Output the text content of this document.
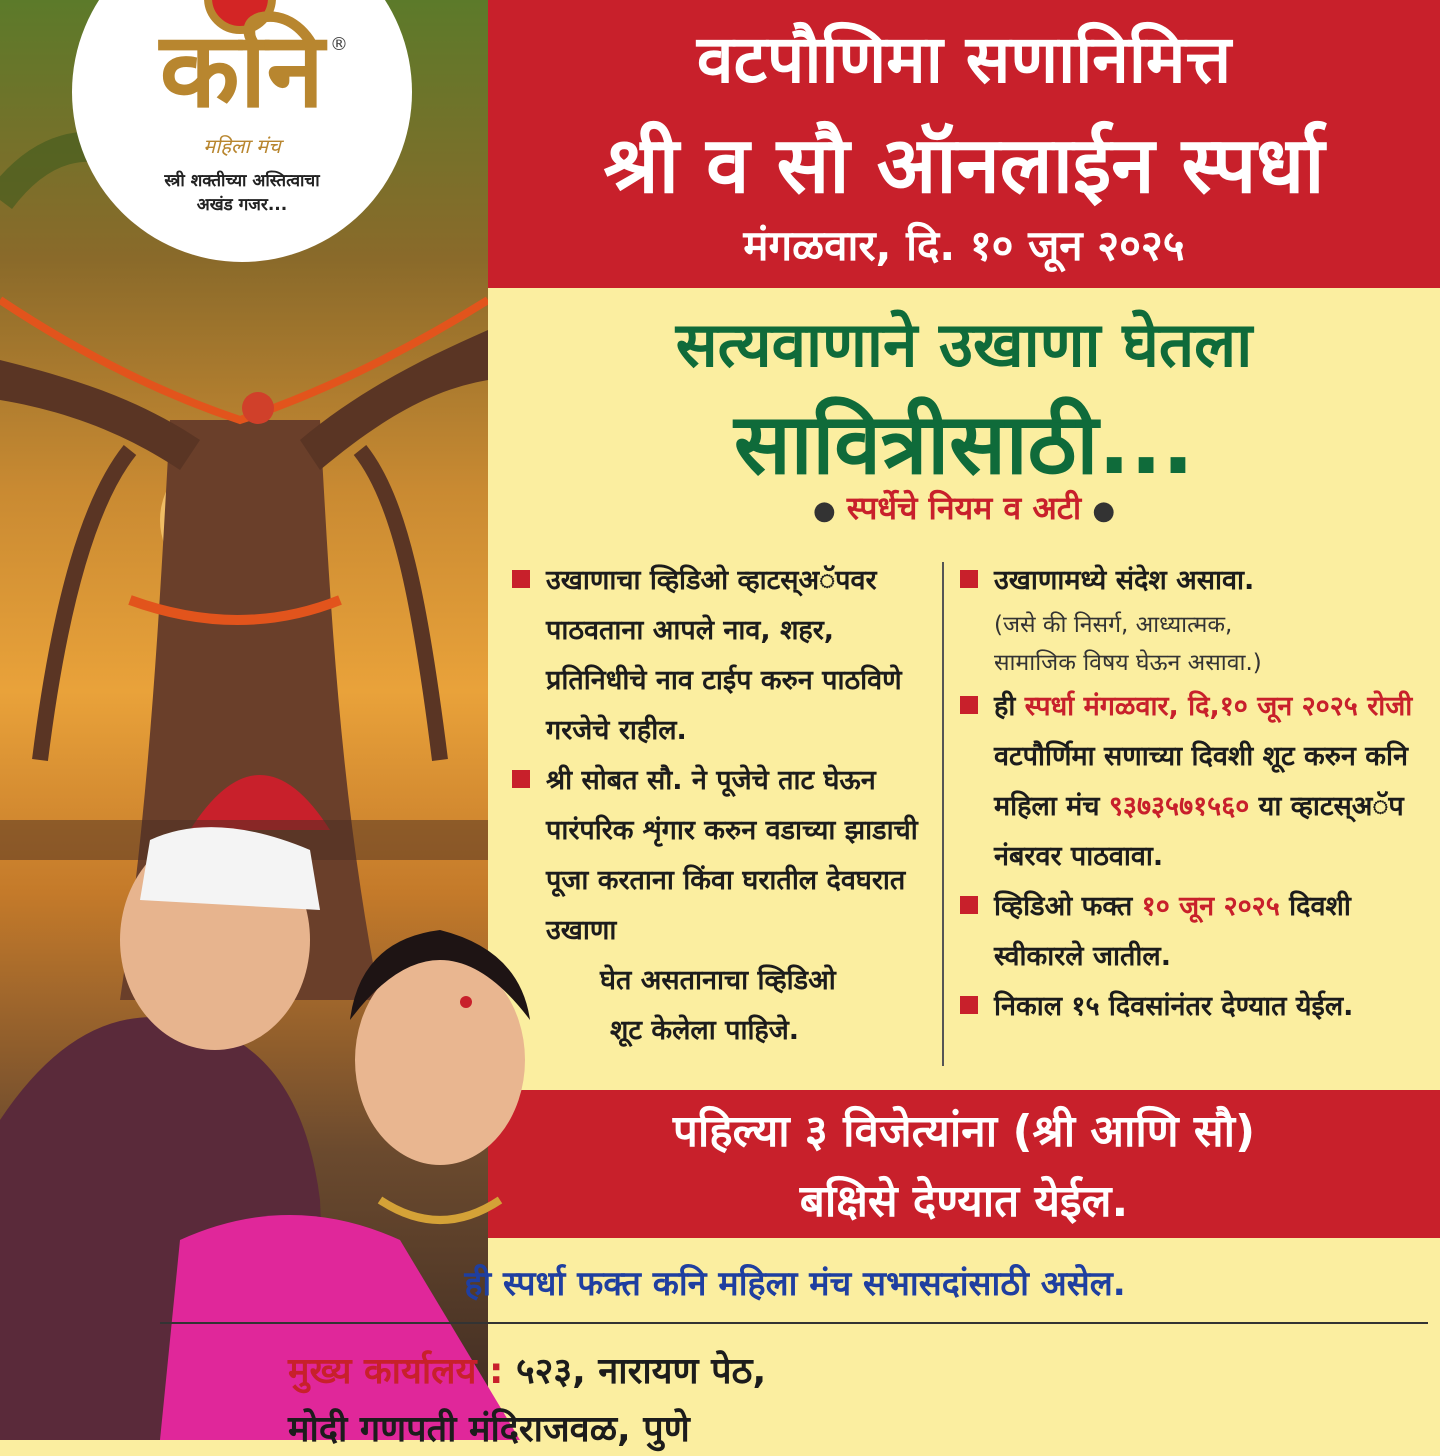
कनि ®
महिला मंच
स्त्री शक्तीच्या अस्तित्वाचा
अखंड गजर...
वटपौणिमा सणानिमित्त
श्री व सौ ऑनलाईन स्पर्धा
मंगळवार, दि. १० जून २०२५
सत्यवाणाने उखाणा घेतला
सावित्रीसाठी...
● स्पर्धेचे नियम व अटी ●
उखाणाचा व्हिडिओ व्हाटस्अॅपवर पाठवताना आपले नाव, शहर, प्रतिनिधीचे नाव टाईप करुन पाठविणे गरजेचे राहील.
श्री सोबत सौ. ने पूजेचे ताट घेऊन पारंपरिक शृंगार करुन वडाच्या झाडाची पूजा करताना किंवा घरातील देवघरात उखाणा
घेत असतानाचा व्हिडिओ
शूट केलेला पाहिजे.
उखाणामध्ये संदेश असावा.
(जसे की निसर्ग, आध्यात्मक,
सामाजिक विषय घेऊन असावा.)
ही स्पर्धा मंगळवार, दि,१० जून २०२५ रोजी वटपौर्णिमा सणाच्या दिवशी शूट करुन कनि महिला मंच ९३७३५७१५६० या व्हाटस्अॅप नंबरवर पाठवावा.
व्हिडिओ फक्त १० जून २०२५ दिवशी स्वीकारले जातील.
निकाल १५ दिवसांनंतर देण्यात येईल.
पहिल्या ३ विजेत्यांना (श्री आणि सौ)
बक्षिसे देण्यात येईल.
ही स्पर्धा फक्त कनि महिला मंच सभासदांसाठी असेल.
मुख्य कार्यालय : ५२३, नारायण पेठ,
मोदी गणपती मंदिराजवळ, पुणे
